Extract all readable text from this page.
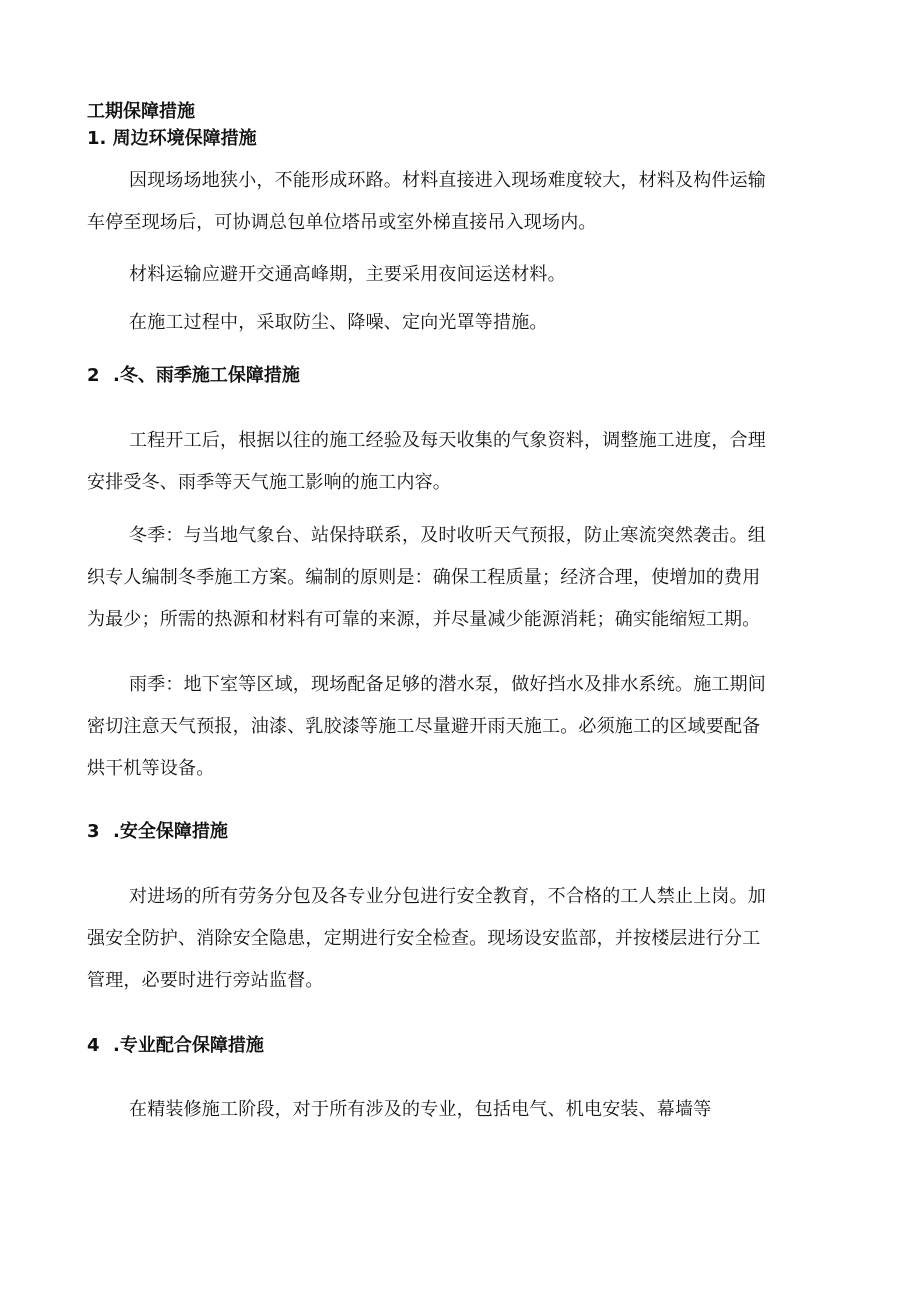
工期保障措施
1. 周边环境保障措施
因现场场地狭小，不能形成环路。材料直接进入现场难度较大，材料及构件运输
车停至现场后，可协调总包单位塔吊或室外梯直接吊入现场内。
材料运输应避开交通高峰期，主要采用夜间运送材料。
在施工过程中，采取防尘、降噪、定向光罩等措施。
2 .冬、雨季施工保障措施
工程开工后，根据以往的施工经验及每天收集的气象资料，调整施工进度，合理
安排受冬、雨季等天气施工影响的施工内容。
冬季：与当地气象台、站保持联系，及时收听天气预报，防止寒流突然袭击。组
织专人编制冬季施工方案。编制的原则是：确保工程质量；经济合理，使增加的费用
为最少；所需的热源和材料有可靠的来源，并尽量减少能源消耗；确实能缩短工期。
雨季：地下室等区域，现场配备足够的潜水泵，做好挡水及排水系统。施工期间
密切注意天气预报，油漆、乳胶漆等施工尽量避开雨天施工。必须施工的区域要配备
烘干机等设备。
3 .安全保障措施
对进场的所有劳务分包及各专业分包进行安全教育，不合格的工人禁止上岗。加
强安全防护、消除安全隐患，定期进行安全检查。现场设安监部，并按楼层进行分工
管理，必要时进行旁站监督。
4 .专业配合保障措施
在精装修施工阶段，对于所有涉及的专业，包括电气、机电安装、幕墙等
